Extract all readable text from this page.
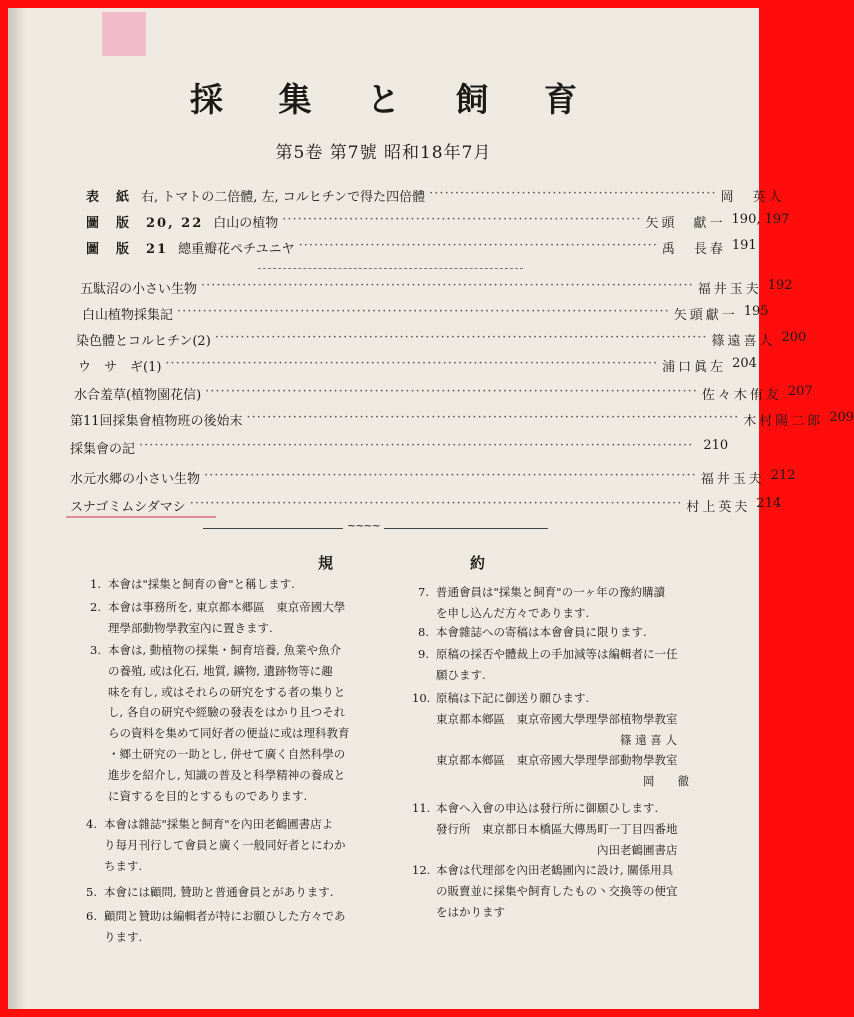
採 集 と 飼 育
第5卷 第7號 昭和18年7月
表　紙 右, トマトの二倍體, 左, コルヒチンで得た四倍體 ························································ 岡　英人
圖　版　20, 22 白山の植物 ······································································ 矢頭　獻一 190, 197
圖　版　21 總重瓣花ペチユニヤ ······································································ 禹　長春 191
五駄沼の小さい生物 ································································································ 福井玉夫 192
白山植物採集記 ································································································ 矢頭獻一 195
染色體とコルヒチン(2) ································································································ 篠遠喜人 200
ウ　サ　ギ(1) ································································································ 浦口眞左 204
水合羞草(植物園花信) ································································································ 佐々木侑友 207
第11回採集會植物班の後始末 ································································································ 木村陽二郎 209
採集會の記 ············································································································ 210
水元水郷の小さい生物 ································································································ 福井玉夫 212
スナゴミムシダマシ ································································································ 村上英夫 214
~~~~
規	約
1. 本會は"採集と飼育の會"と稱します.
2. 本會は事務所を, 東京都本郷區　東京帝國大學
理學部動物學教室內に置きます.
3. 本會は, 動植物の採集・飼育培養, 魚業や魚介
の養殖, 或は化石, 地質, 鑛物, 遺跡物等に趣
味を有し, 或はそれらの研究をする者の集りと
し, 各自の研究や經驗の發表をはかり且つそれ
らの資料を集めて同好者の便益に或は理科教育
・鄉土研究の一助とし, 併せて廣く自然科學の
進步を紹介し, 知識の普及と科學精神の養成と
に資するを目的とするものであります.
4. 本會は雜誌"採集と飼育"を內田老鶴圃書店よ
り每月刊行して會員と廣く一般同好者とにわか
ちます.
5. 本會には顧問, 贊助と普通會員とがあります.
6. 顧問と贊助は編輯者が特にお願ひした方々であ
ります.
7. 普通會員は"採集と飼育"の一ヶ年の豫約購讀
を申し込んだ方々であります.
8. 本會雜誌への寄稿は本會會員に限ります.
9. 原稿の採否や體裁上の手加減等は編輯者に一任
願ひます.
10. 原稿は下記に御送り願ひます.
東京都本鄉區　東京帝國大學理學部植物學教室
　　　　　　　　　　　　　　　　篠 遠 喜 人
東京都本鄉區　東京帝國大學理學部動物學教室
　　　　　　　　　　　　　　　　　　岡　　徹
11. 本會へ入會の申込は發行所に御願ひします.
發行所　東京都日本橋區大傳馬町一丁目四番地
　　　　　　　　　　　　　　內田老鶴圃書店
12. 本會は代理部を內田老鶴圃內に設け, 關係用具
の販賣並に採集や飼育したもの丶交換等の便宜
をはかります
